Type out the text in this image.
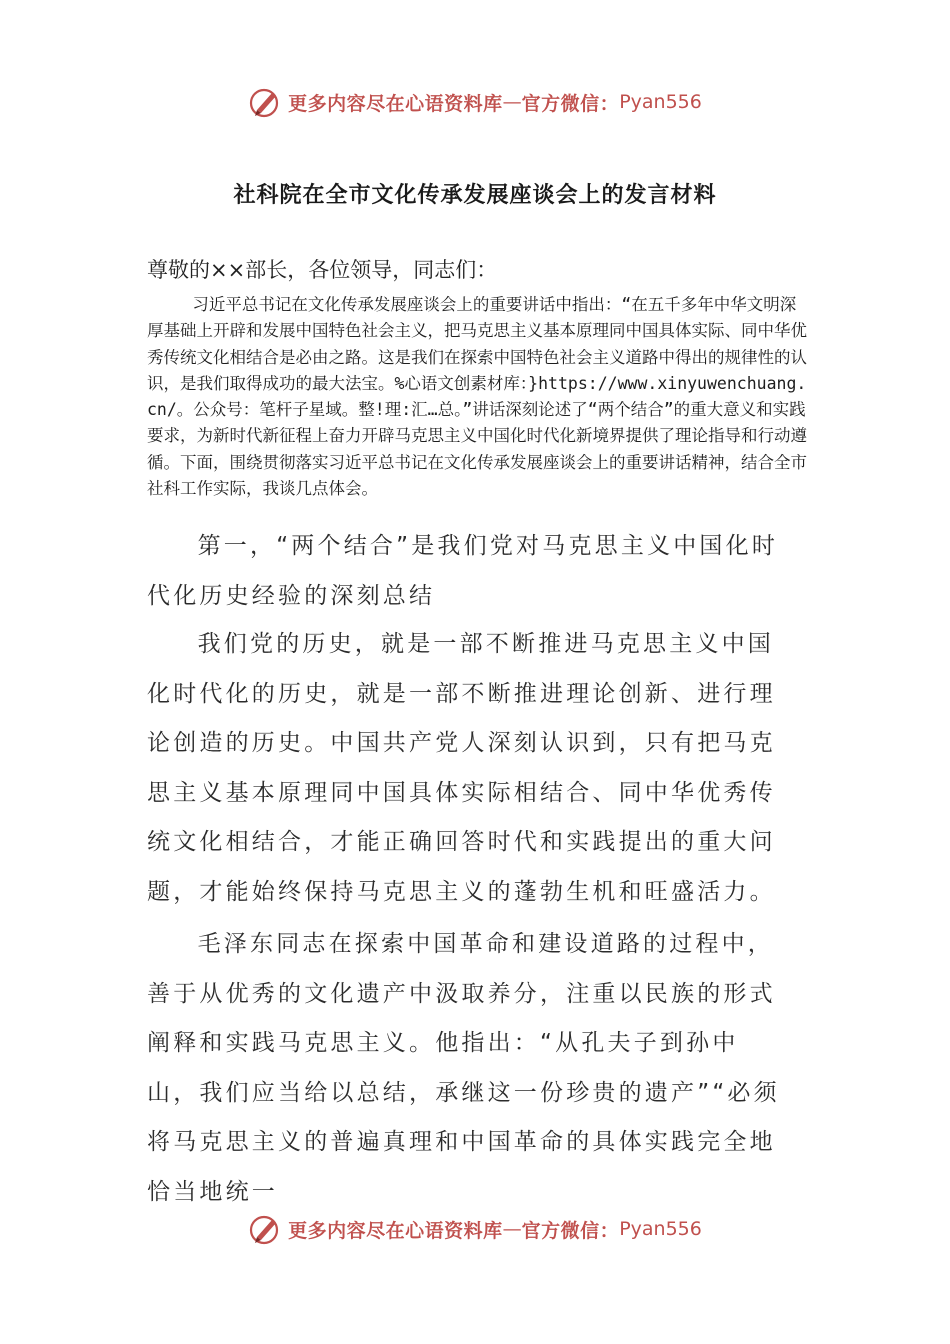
更多内容尽在心语资料库 — 官方微信： Pyan556
社科院在全市文化传承发展座谈会上的发言材料
尊敬的××部长，各位领导，同志们：
习近平总书记在文化传承发展座谈会上的重要讲话中指出：“在五千多年中华文明深厚基础上开辟和发展中国特色社会主义，把马克思主义基本原理同中国具体实际、同中华优秀传统文化相结合是必由之路。这是我们在探索中国特色社会主义道路中得出的规律性的认识，是我们取得成功的最大法宝。%心语文创素材库：}https://www.xinyuwenchuang.cn/。公众号：笔杆子星域。整!理:汇…总。”讲话深刻论述了“两个结合”的重大意义和实践要求，为新时代新征程上奋力开辟马克思主义中国化时代化新境界提供了理论指导和行动遵循。下面，围绕贯彻落实习近平总书记在文化传承发展座谈会上的重要讲话精神，结合全市社科工作实际，我谈几点体会。
第一，“两个结合”是我们党对马克思主义中国化时代化历史经验的深刻总结
我们党的历史，就是一部不断推进马克思主义中国化时代化的历史，就是一部不断推进理论创新、进行理论创造的历史。中国共产党人深刻认识到，只有把马克思主义基本原理同中国具体实际相结合、同中华优秀传统文化相结合，才能正确回答时代和实践提出的重大问题，才能始终保持马克思主义的蓬勃生机和旺盛活力。
毛泽东同志在探索中国革命和建设道路的过程中，善于从优秀的文化遗产中汲取养分，注重以民族的形式阐释和实践马克思主义。他指出：“从孔夫子到孙中山，我们应当给以总结，承继这一份珍贵的遗产”“必须将马克思主义的普遍真理和中国革命的具体实践完全地恰当地统一
更多内容尽在心语资料库 — 官方微信： Pyan556
